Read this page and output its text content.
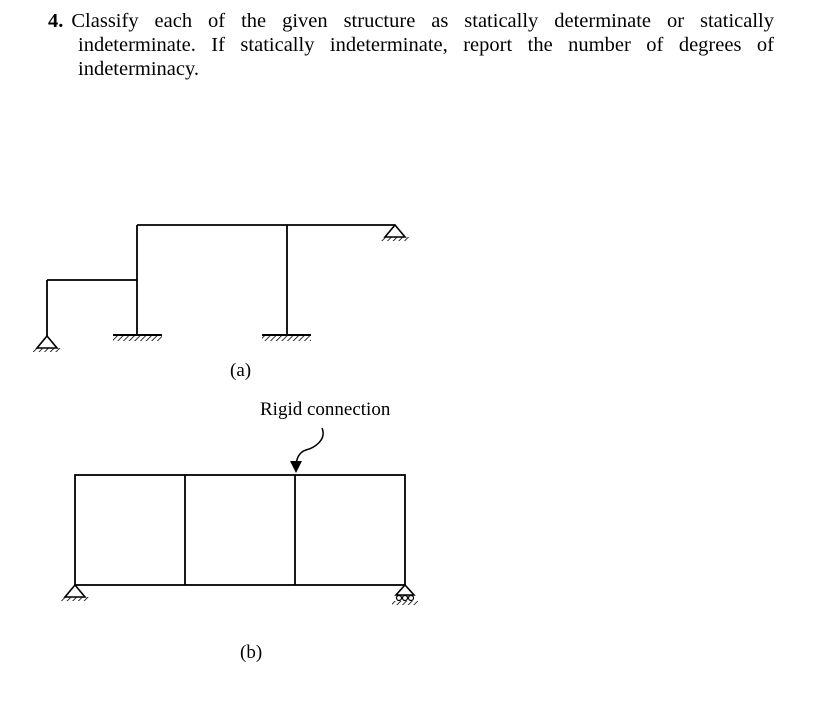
4. Classify each of the given structure as statically determinate or statically
indeterminate. If statically indeterminate, report the number of degrees of
indeterminacy.
(a)
Rigid connection
(b)
